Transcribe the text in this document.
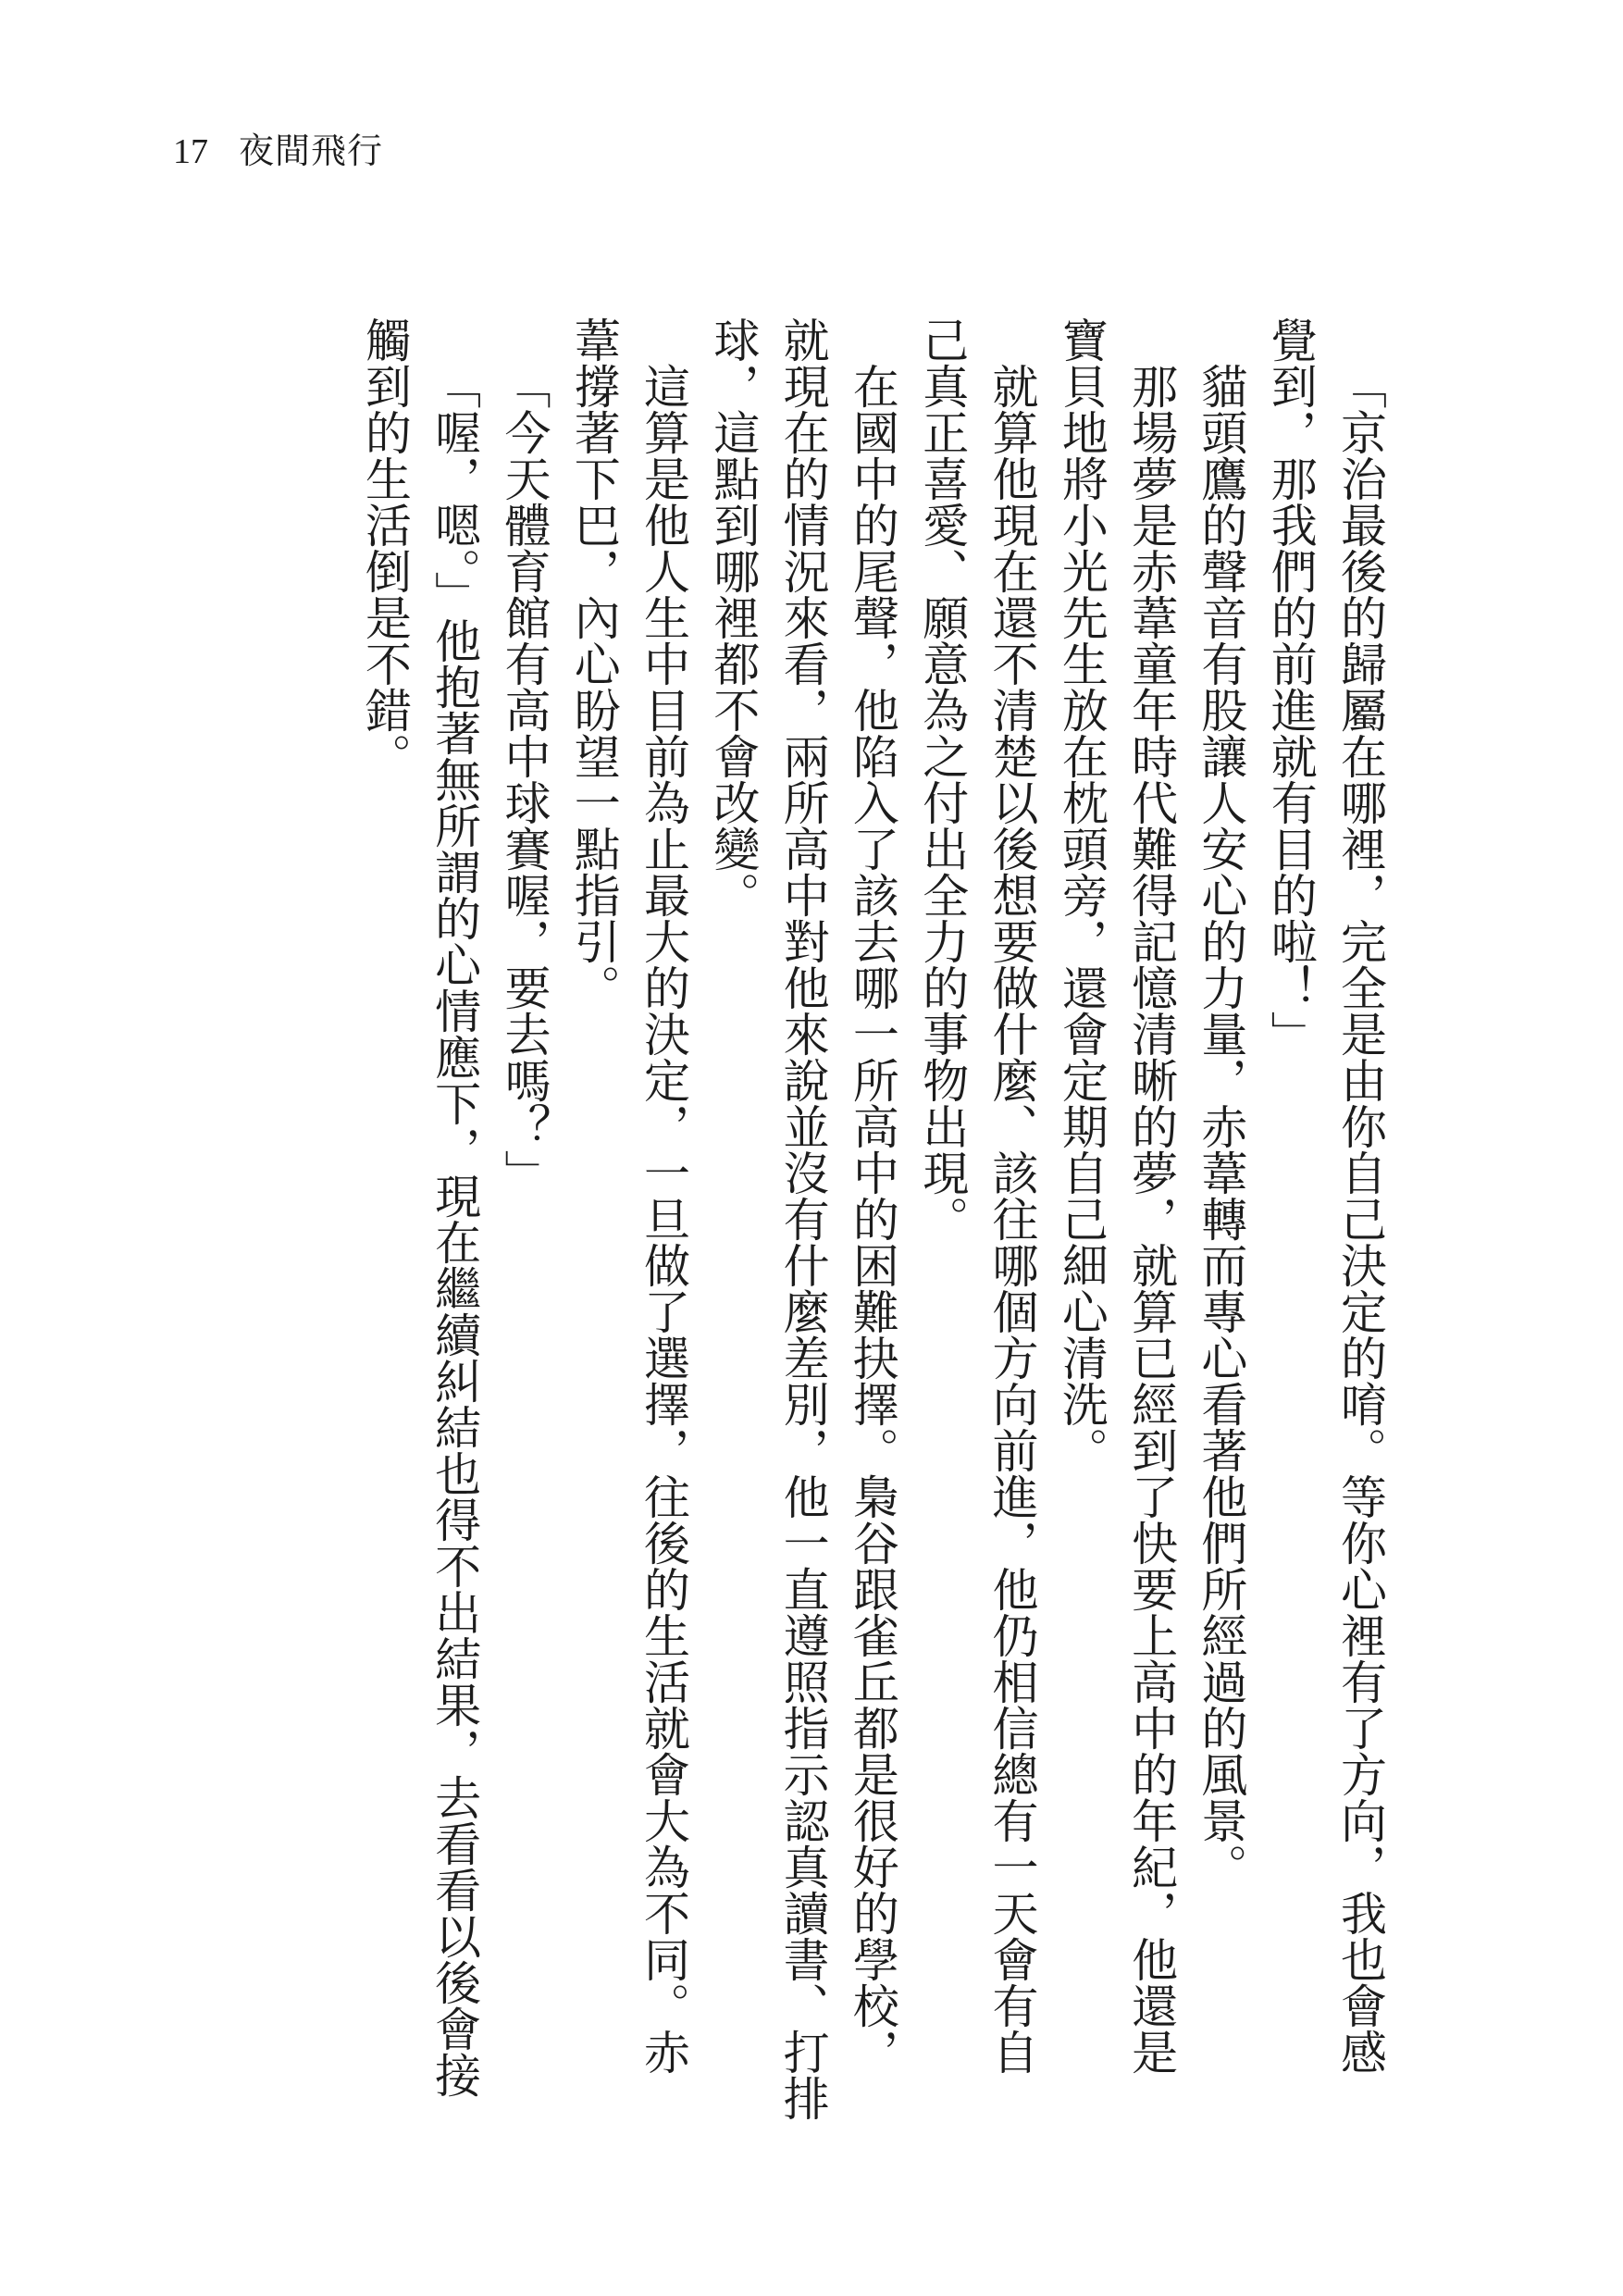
17 夜間飛行
「京治最後的歸屬在哪裡，完全是由你自己決定的唷。等你心裡有了方向，我也會感
覺到，那我們的前進就有目的啦！」
貓頭鷹的聲音有股讓人安心的力量，赤葦轉而專心看著他們所經過的風景。
那場夢是赤葦童年時代難得記憶清晰的夢，就算已經到了快要上高中的年紀，他還是
寶貝地將小光先生放在枕頭旁，還會定期自己細心清洗。
就算他現在還不清楚以後想要做什麼、該往哪個方向前進，他仍相信總有一天會有自
己真正喜愛、願意為之付出全力的事物出現。
在國中的尾聲，他陷入了該去哪一所高中的困難抉擇。梟谷跟雀丘都是很好的學校，
就現在的情況來看，兩所高中對他來說並沒有什麼差別，他一直遵照指示認真讀書、打排
球，這點到哪裡都不會改變。
這算是他人生中目前為止最大的決定，一旦做了選擇，往後的生活就會大為不同。赤
葦撐著下巴，內心盼望一點指引。
「今天體育館有高中球賽喔，要去嗎？」
「喔，嗯。」他抱著無所謂的心情應下，現在繼續糾結也得不出結果，去看看以後會接
觸到的生活倒是不錯。
